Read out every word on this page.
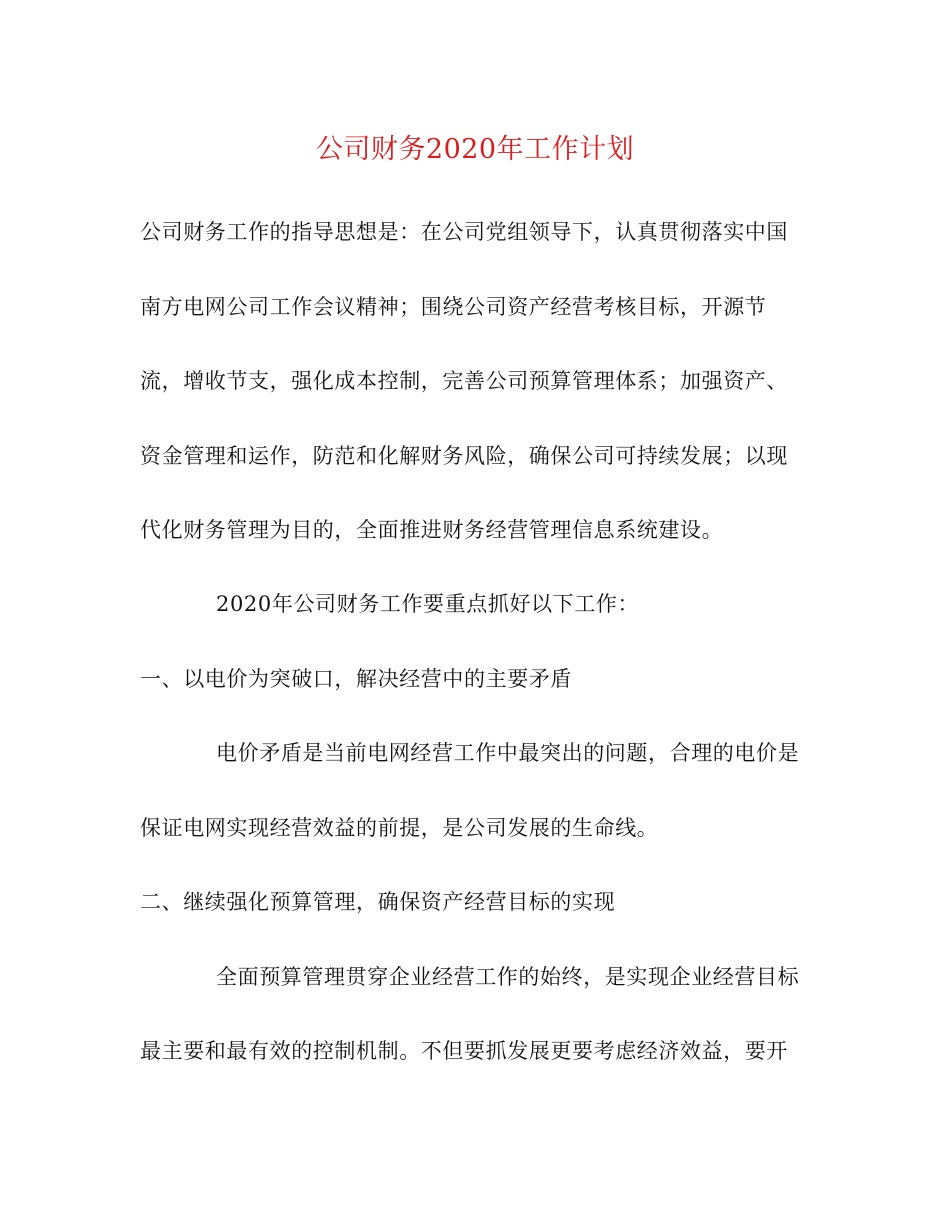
公司财务2020年工作计划
公司财务工作的指导思想是：在公司党组领导下，认真贯彻落实中国
南方电网公司工作会议精神；围绕公司资产经营考核目标，开源节
流，增收节支，强化成本控制，完善公司预算管理体系；加强资产、
资金管理和运作，防范和化解财务风险，确保公司可持续发展；以现
代化财务管理为目的，全面推进财务经营管理信息系统建设。
2020年公司财务工作要重点抓好以下工作：
一、以电价为突破口，解决经营中的主要矛盾
电价矛盾是当前电网经营工作中最突出的问题，合理的电价是
保证电网实现经营效益的前提，是公司发展的生命线。
二、继续强化预算管理，确保资产经营目标的实现
全面预算管理贯穿企业经营工作的始终，是实现企业经营目标
最主要和最有效的控制机制。不但要抓发展更要考虑经济效益，要开
